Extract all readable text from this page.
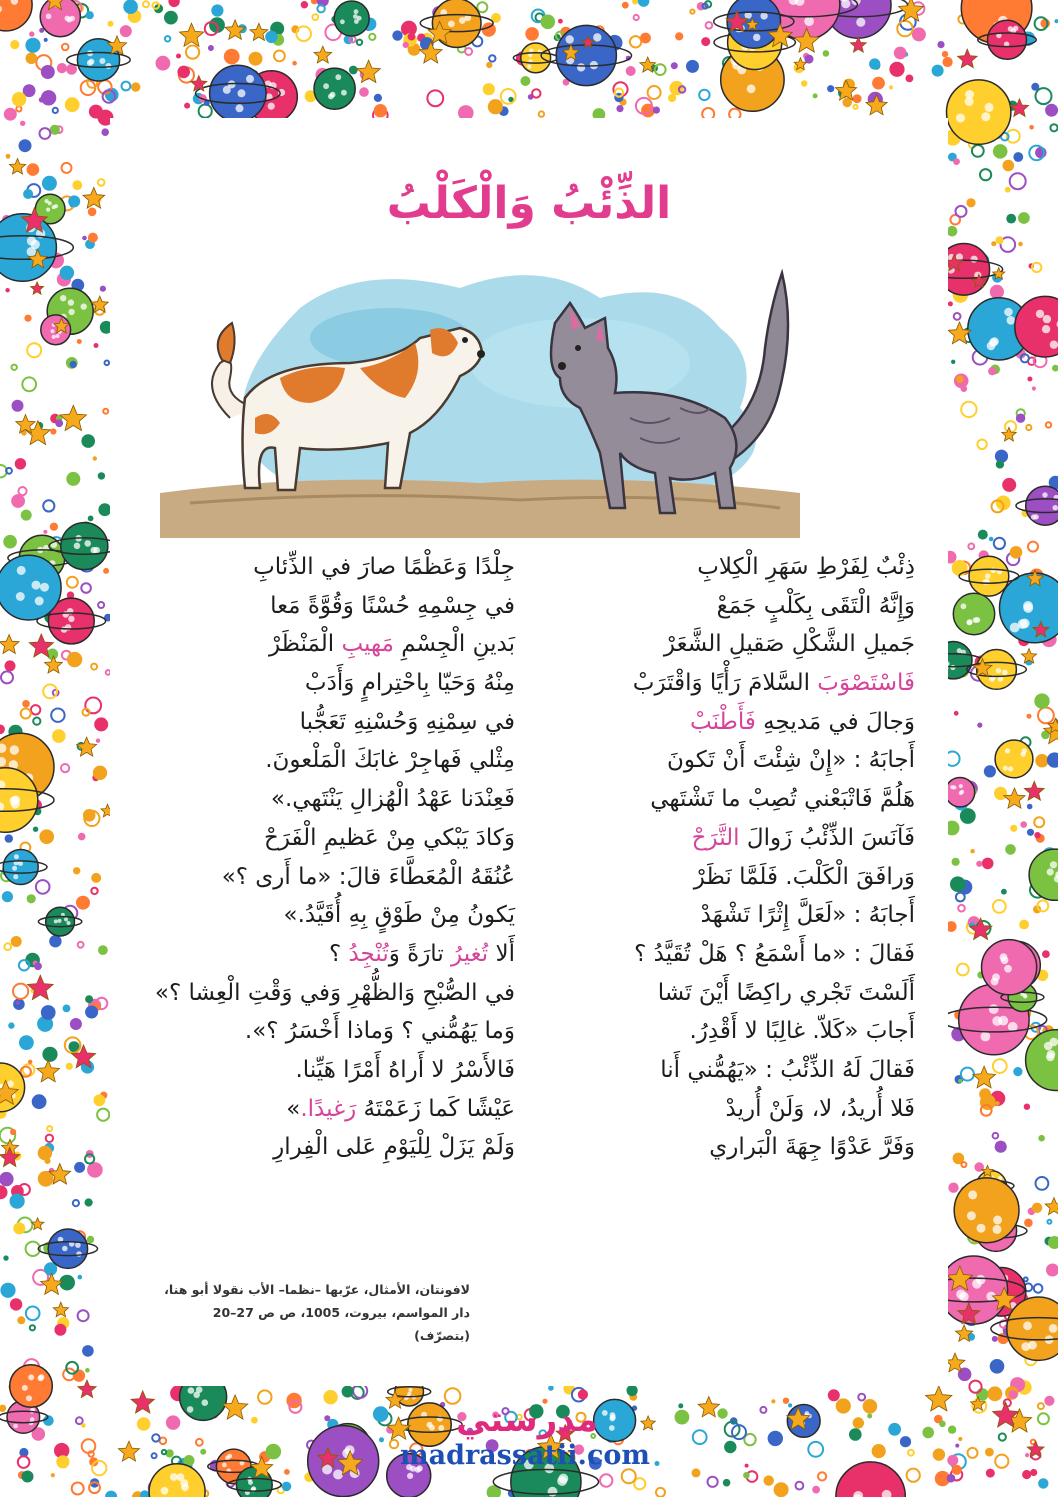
الذِّئْبُ وَالْكَلْبُ
ذِئْبٌ لِفَرْطِ سَهَرِ الْكِلابِ
وَإِنَّهُ الْتَقَى بِكَلْبٍ جَمَعْ
جَميلِ الشَّكْلِ صَقيلِ الشَّعَرْ
فَاسْتَصْوَبَ السَّلامَ رَأْيًا وَاقْتَرَبْ
وَجالَ في مَديحِهِ فَأَطْنَبْ
أَجابَهُ : «إِنْ شِئْتَ أَنْ تَكونَ
هَلُمَّ فَاتْبَعْني تُصِبْ ما تَشْتَهي
فَآنَسَ الذِّئْبُ زَوالَ التَّرَحْ
وَرافَقَ الْكَلْبَ. فَلَمَّا نَظَرْ
أَجابَهُ : «لَعَلَّ إِثْرًا تَشْهَدْ
فَقالَ : «ما أَسْمَعُ ؟ هَلْ تُقَيَّدُ ؟
أَلَسْتَ تَجْري راكِضًا أَيْنَ تَشا
أَجابَ «كَلاّ. غالِبًا لا أَقْدِرُ.
فَقالَ لَهُ الذِّئْبُ : «يَهُمُّني أَنا
فَلا أُريدُ، لا، وَلَنْ أُريدْ
وَفَرَّ عَدْوًا جِهَةَ الْبَراري
جِلْدًا وَعَظْمًا صارَ في الذِّئابِ
في جِسْمِهِ حُسْنًا وَقُوَّةً مَعا
بَدينِ الْجِسْمِ مَهيبِ الْمَنْظَرْ
مِنْهُ وَحَيّا بِاحْتِرامٍ وَأَدَبْ
في سِمْنِهِ وَحُسْنِهِ تَعَجُّبا
مِثْلي فَهاجِرْ غابَكَ الْمَلْعونَ.
فَعِنْدَنا عَهْدُ الْهُزالِ يَنْتَهي.»
وَكادَ يَبْكي مِنْ عَظيمِ الْفَرَحْ
عُنُقَهُ الْمُعَطَّاءَ قالَ: «ما أَرى ؟»
يَكونُ مِنْ طَوْقٍ بِهِ أُقَيَّدُ.»
أَلا تُغيرُ تارَةً وَتُنْجِدُ ؟
في الصُّبْحِ وَالظُّهْرِ وَفي وَقْتِ الْعِشا ؟»
وَما يَهُمُّني ؟ وَماذا أَخْسَرُ ؟».
فَالأَسْرُ لا أَراهُ أَمْرًا هَيِّنا.
عَيْشًا كَما زَعَمْتَهُ رَغيدًا.»
وَلَمْ يَزَلْ لِلْيَوْمِ عَلى الْفِرارِ
لافونتان، الأمثال، عرّبها –نظما– الأب نقولا أبو هنا،
دار المواسم، بيروت، 1005، ص ص 27–20
(بتصرّف)
مدرستي
madrassatii.com
